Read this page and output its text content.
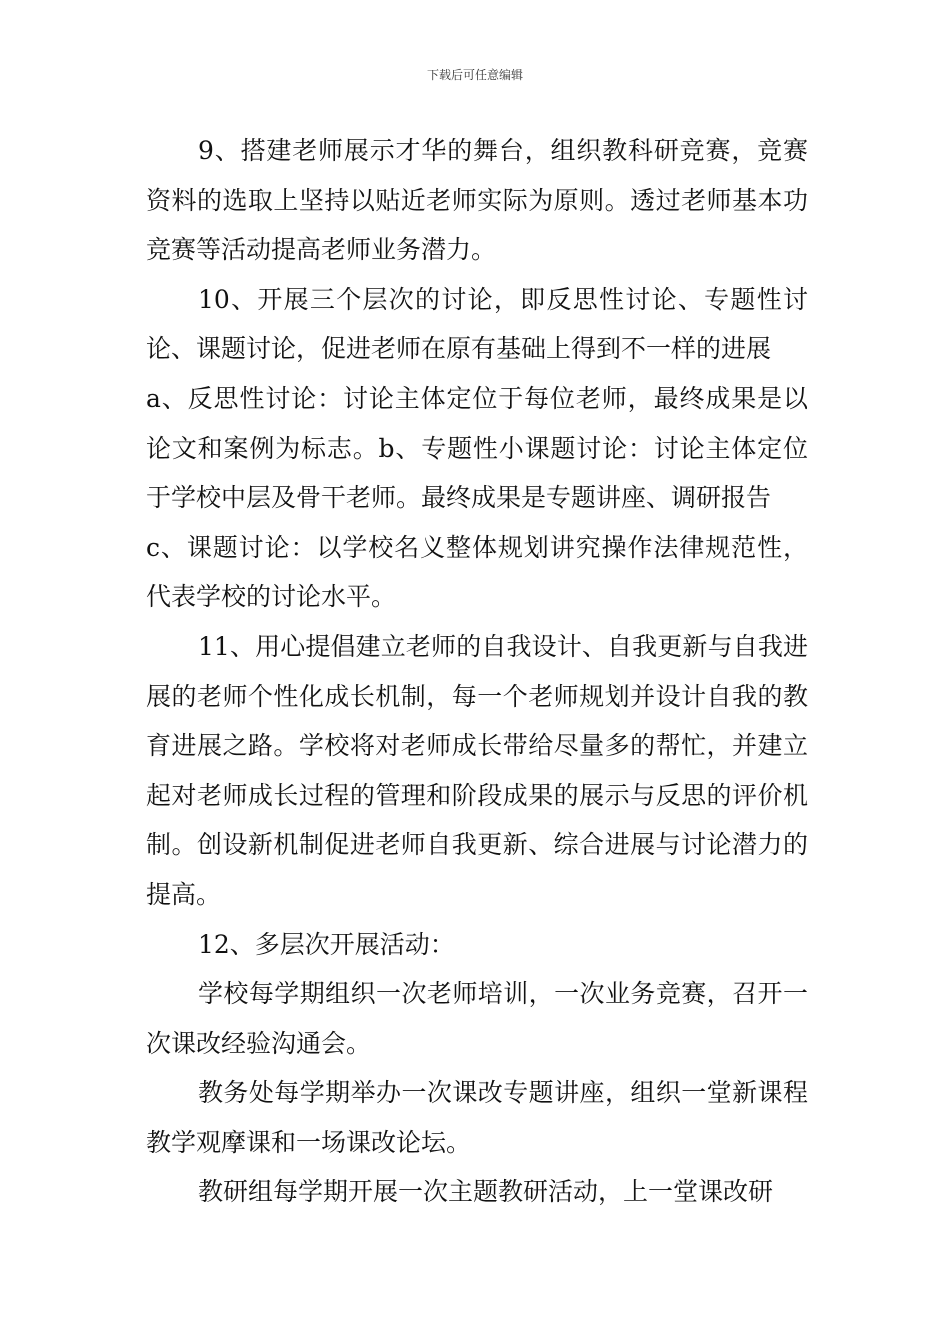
下载后可任意编辑

9、搭建老师展示才华的舞台，组织教科研竞赛，竞赛资料的选取上坚持以贴近老师实际为原则。透过老师基本功竞赛等活动提高老师业务潜力。

10、开展三个层次的讨论，即反思性讨论、专题性讨论、课题讨论，促进老师在原有基础上得到不一样的进展

a、反思性讨论：讨论主体定位于每位老师，最终成果是以论文和案例为标志。b、专题性小课题讨论：讨论主体定位于学校中层及骨干老师。最终成果是专题讲座、调研报告

c、课题讨论：以学校名义整体规划讲究操作法律规范性，代表学校的讨论水平。

11、用心提倡建立老师的自我设计、自我更新与自我进展的老师个性化成长机制，每一个老师规划并设计自我的教育进展之路。学校将对老师成长带给尽量多的帮忙，并建立起对老师成长过程的管理和阶段成果的展示与反思的评价机制。创设新机制促进老师自我更新、综合进展与讨论潜力的提高。

12、多层次开展活动：

学校每学期组织一次老师培训，一次业务竞赛，召开一次课改经验沟通会。

教务处每学期举办一次课改专题讲座，组织一堂新课程教学观摩课和一场课改论坛。

教研组每学期开展一次主题教研活动，上一堂课改研
